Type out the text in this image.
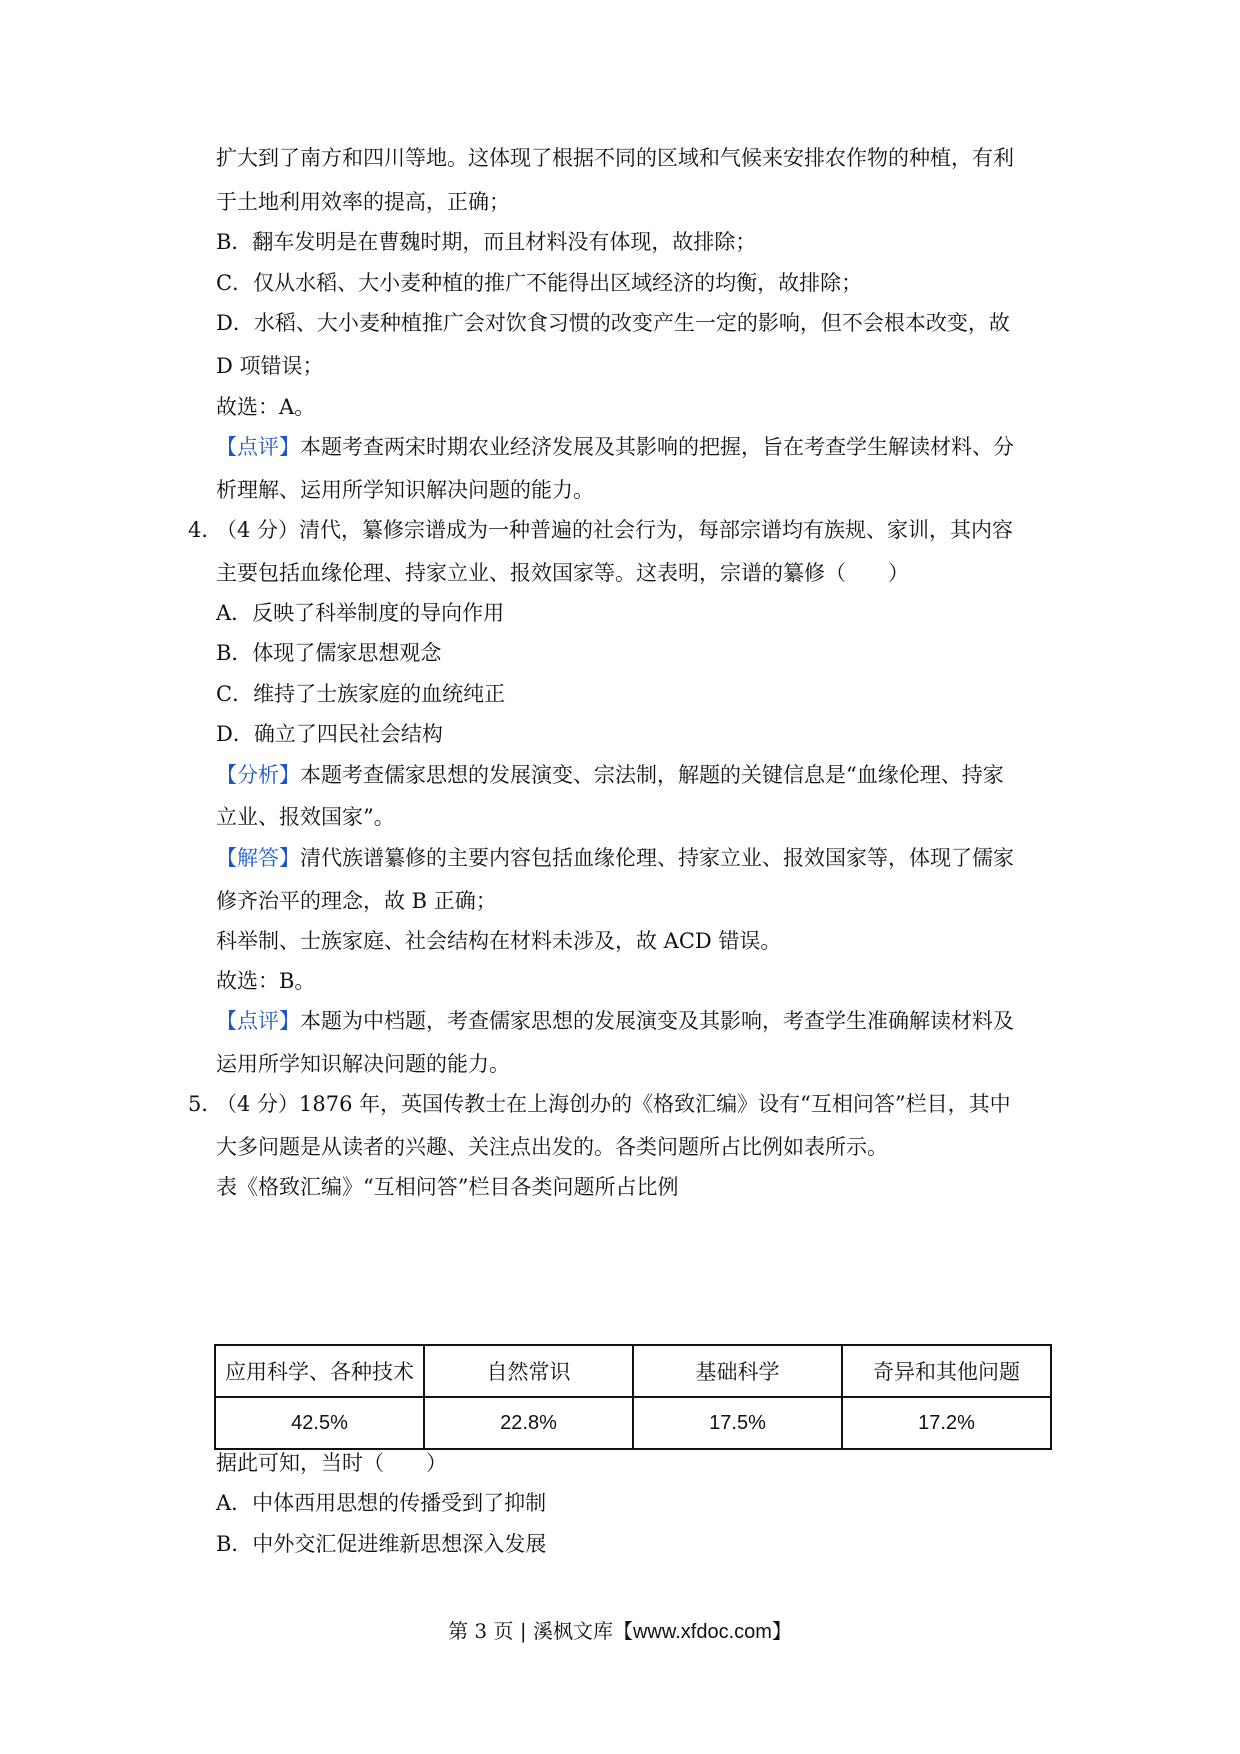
扩大到了南方和四川等地。这体现了根据不同的区域和气候来安排农作物的种植，有利
于土地利用效率的提高，正确；
B．翻车发明是在曹魏时期，而且材料没有体现，故排除；
C．仅从水稻、大小麦种植的推广不能得出区域经济的均衡，故排除；
D．水稻、大小麦种植推广会对饮食习惯的改变产生一定的影响，但不会根本改变，故
D 项错误；
故选：A。
【点评】本题考查两宋时期农业经济发展及其影响的把握，旨在考查学生解读材料、分
析理解、运用所学知识解决问题的能力。
4．（4 分）清代，纂修宗谱成为一种普遍的社会行为，每部宗谱均有族规、家训，其内容
主要包括血缘伦理、持家立业、报效国家等。这表明，宗谱的纂修（　　）
A．反映了科举制度的导向作用
B．体现了儒家思想观念
C．维持了士族家庭的血统纯正
D．确立了四民社会结构
【分析】本题考查儒家思想的发展演变、宗法制，解题的关键信息是“血缘伦理、持家
立业、报效国家”。
【解答】清代族谱纂修的主要内容包括血缘伦理、持家立业、报效国家等，体现了儒家
修齐治平的理念，故 B 正确；
科举制、士族家庭、社会结构在材料未涉及，故 ACD 错误。
故选：B。
【点评】本题为中档题，考查儒家思想的发展演变及其影响，考查学生准确解读材料及
运用所学知识解决问题的能力。
5．（4 分）1876 年，英国传教士在上海创办的《格致汇编》设有“互相问答”栏目，其中
大多问题是从读者的兴趣、关注点出发的。各类问题所占比例如表所示。
表《格致汇编》“互相问答”栏目各类问题所占比例
应用科学、各种技术	自然常识	基础科学	奇异和其他问题
42.5%	22.8%	17.5%	17.2%
据此可知，当时（　　）
A．中体西用思想的传播受到了抑制
B．中外交汇促进维新思想深入发展
第 3 页 | 溪枫文库【www.xfdoc.com】
